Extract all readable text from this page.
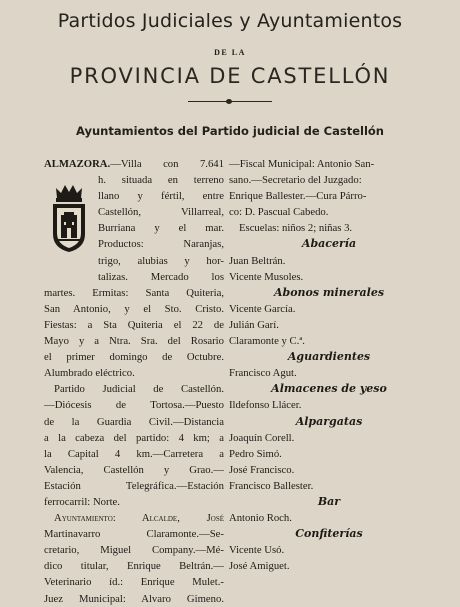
Partidos Judiciales y Ayuntamientos
DE LA
PROVINCIA DE CASTELLÓN
Ayuntamientos del Partido judicial de Castellón
ALMAZORA.—Villa con 7.641
h. situada en terreno
llano y fértil, entre
Castellón, Villarreal,
Burriana y el mar.
Productos: Naranjas,
trigo, alubias y hor-
talizas. Mercado los
martes. Ermitas: Santa Quiteria,
San Antonio, y el Sto. Cristo.
Fiestas: a Sta Quiteria el 22 de
Mayo y a Ntra. Sra. del Rosario
el primer domingo de Octubre.
Alumbrado eléctrico.
Partido Judicial de Castellón.
—Diócesis de Tortosa.—Puesto
de la Guardia Civil.—Distancia
a la cabeza del partido: 4 km; a
la Capital 4 km.—Carretera a
Valencia, Castellón y Grao.—
Estación Telegráfica.—Estación
ferrocarril: Norte.
Ayuntamiento: Alcalde, José
Martinavarro Claramonte.—Se-
cretario, Miguel Company.—Mé-
dico titular, Enrique Beltrán.—
Veterinario íd.: Enrique Mulet.-
Juez Municipal: Alvaro Gimeno.
—Fiscal Municipal: Antonio San-
sano.—Secretario del Juzgado:
Enrique Ballester.—Cura Párro-
co: D. Pascual Cabedo.
Escuelas: niños 2; niñas 3.
Abacería
Juan Beltrán.
Vicente Musoles.
Abonos minerales
Vicente García.
Julián Garí.
Claramonte y C.ª.
Aguardientes
Francisco Agut.
Almacenes de yeso
Ildefonso Llácer.
Alpargatas
Joaquín Corell.
Pedro Simó.
José Francisco.
Francisco Ballester.
Bar
Antonio Roch.
Confiterías
Vicente Usó.
José Amiguet.
